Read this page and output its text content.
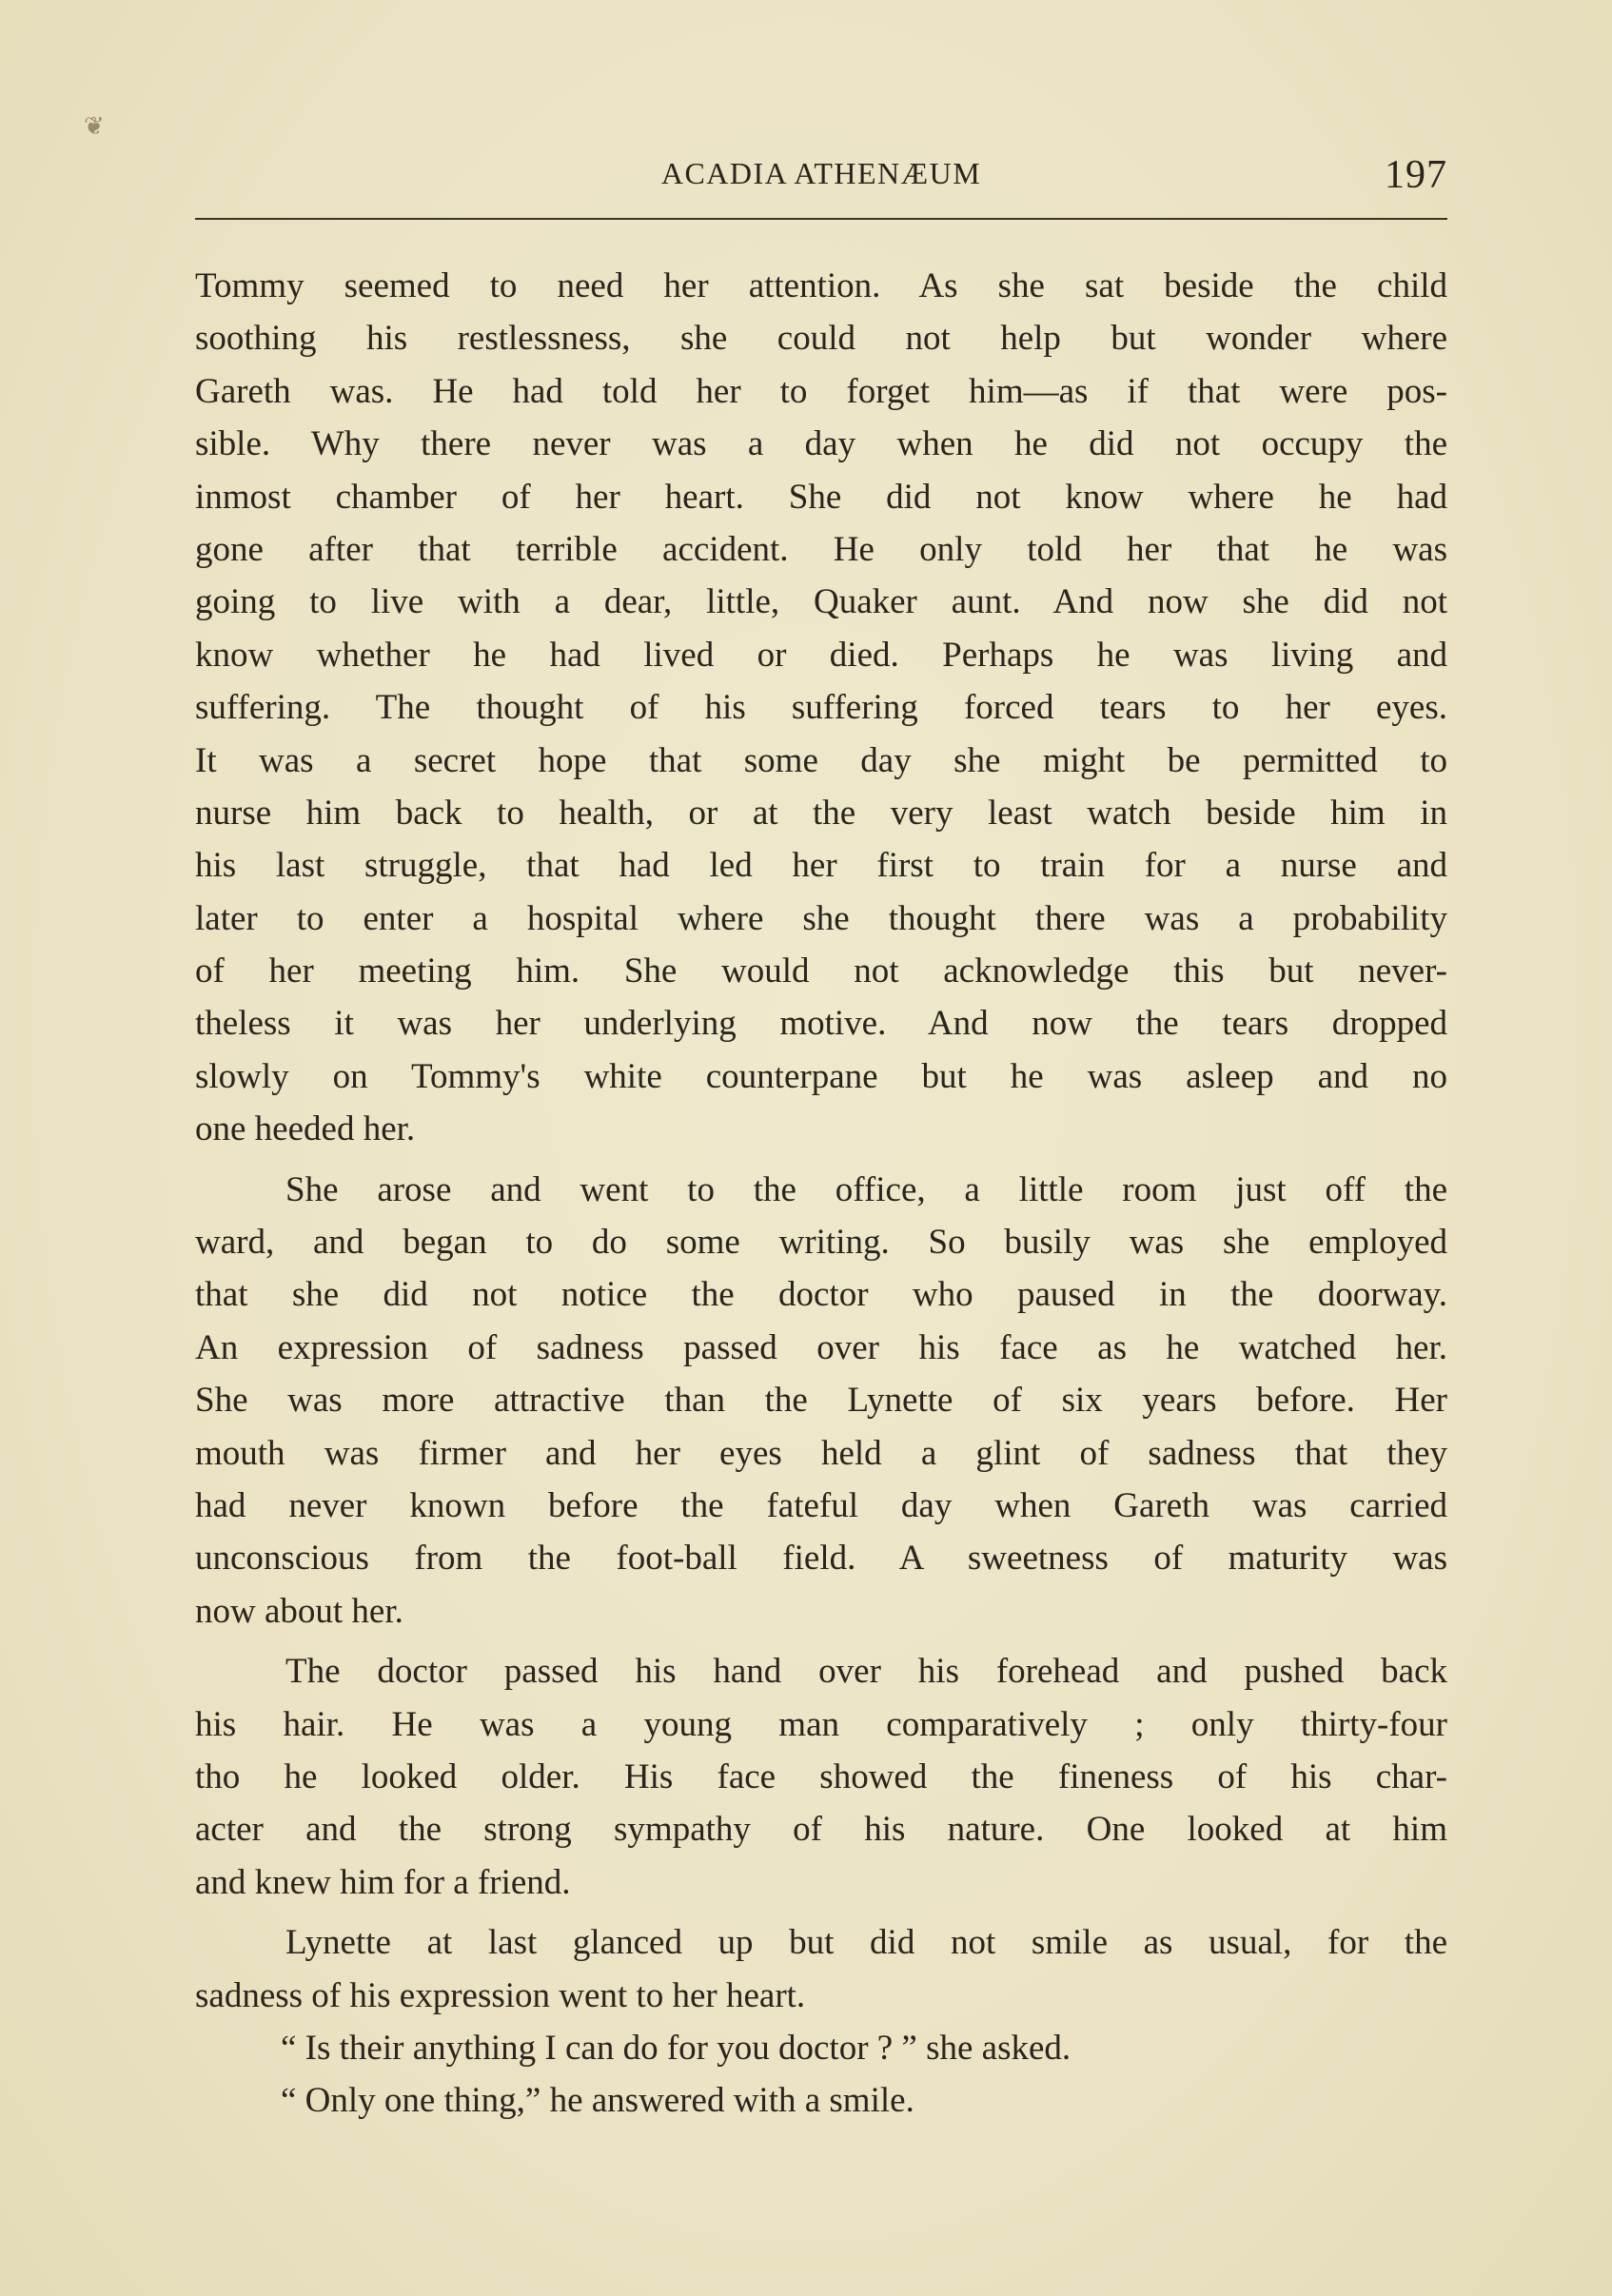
❦
ACADIA ATHENÆUM	197
Tommy seemed to need her attention. As she sat beside the child
soothing his restlessness, she could not help but wonder where
Gareth was. He had told her to forget him—as if that were pos-
sible. Why there never was a day when he did not occupy the
inmost chamber of her heart. She did not know where he had
gone after that terrible accident. He only told her that he was
going to live with a dear, little, Quaker aunt. And now she did not
know whether he had lived or died. Perhaps he was living and
suffering. The thought of his suffering forced tears to her eyes.
It was a secret hope that some day she might be permitted to
nurse him back to health, or at the very least watch beside him in
his last struggle, that had led her first to train for a nurse and
later to enter a hospital where she thought there was a probability
of her meeting him. She would not acknowledge this but never-
theless it was her underlying motive. And now the tears dropped
slowly on Tommy's white counterpane but he was asleep and no
one heeded her.
She arose and went to the office, a little room just off the
ward, and began to do some writing. So busily was she employed
that she did not notice the doctor who paused in the doorway.
An expression of sadness passed over his face as he watched her.
She was more attractive than the Lynette of six years before. Her
mouth was firmer and her eyes held a glint of sadness that they
had never known before the fateful day when Gareth was carried
unconscious from the foot-ball field. A sweetness of maturity was
now about her.
The doctor passed his hand over his forehead and pushed back
his hair. He was a young man comparatively ; only thirty-four
tho he looked older. His face showed the fineness of his char-
acter and the strong sympathy of his nature. One looked at him
and knew him for a friend.
Lynette at last glanced up but did not smile as usual, for the
sadness of his expression went to her heart.
“ Is their anything I can do for you doctor ? ” she asked.
“ Only one thing,” he answered with a smile.
